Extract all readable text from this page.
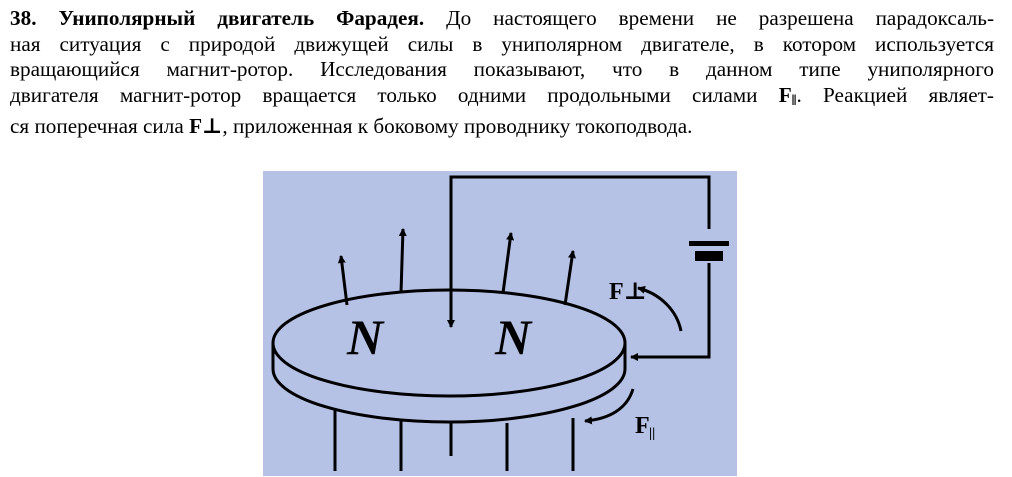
38. Униполярный двигатель Фарадея. До настоящего времени не разрешена парадоксаль-
ная ситуация с природой движущей силы в униполярном двигателе, в котором используется
вращающийся магнит-ротор. Исследования показывают, что в данном типе униполярного
двигателя магнит-ротор вращается только одними продольными силами $F_‖$. Реакцией являет-
ся поперечная сила F⊥, приложенная к боковому проводнику токоподвода.
N N
F⊥
F ||
